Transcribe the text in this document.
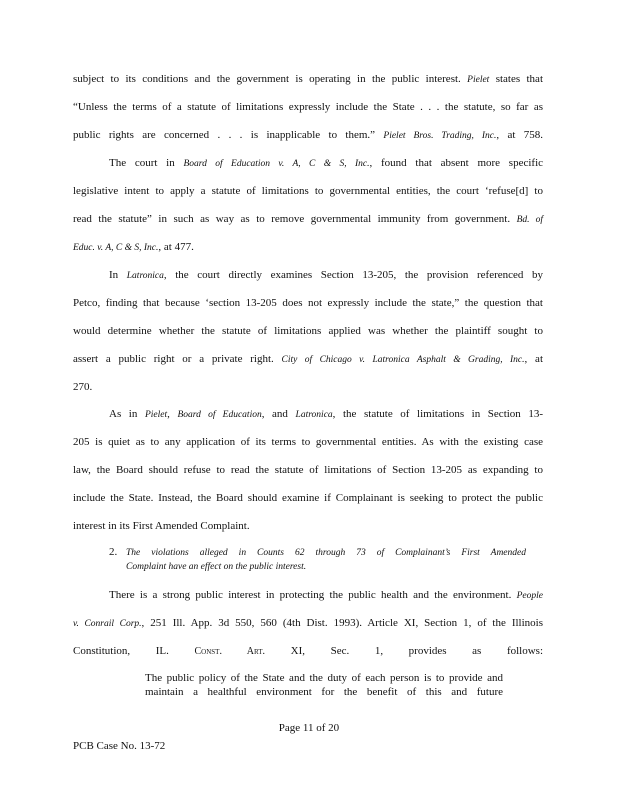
subject to its conditions and the government is operating in the public interest. Pielet states that
“Unless the terms of a statute of limitations expressly include the State . . . the statute, so far as
public rights are concerned . . . is inapplicable to them.” Pielet Bros. Trading, Inc., at 758.
The court in Board of Education v. A, C & S, Inc., found that absent more specific
legislative intent to apply a statute of limitations to governmental entities, the court ‘refuse[d] to
read the statute” in such as way as to remove governmental immunity from government. Bd. of
Educ. v. A, C & S, Inc., at 477.
In Latronica, the court directly examines Section 13-205, the provision referenced by
Petco, finding that because ‘section 13-205 does not expressly include the state,” the question that
would determine whether the statute of limitations applied was whether the plaintiff sought to
assert a public right or a private right. City of Chicago v. Latronica Asphalt & Grading, Inc., at
270.
As in Pielet, Board of Education, and Latronica, the statute of limitations in Section 13-
205 is quiet as to any application of its terms to governmental entities. As with the existing case
law, the Board should refuse to read the statute of limitations of Section 13-205 as expanding to
include the State. Instead, the Board should examine if Complainant is seeking to protect the public
interest in its First Amended Complaint.
2. The violations alleged in Counts 62 through 73 of Complainant’s First Amended
Complaint have an effect on the public interest.
There is a strong public interest in protecting the public health and the environment. People
v. Conrail Corp., 251 Ill. App. 3d 550, 560 (4th Dist. 1993). Article XI, Section 1, of the Illinois
Constitution, IL.	Const. Art. XI, Sec. 1, provides as follows:
The public policy of the State and the duty of each person is to provide and
maintain a healthful environment for the benefit of this and future
Page 11 of 20
PCB Case No. 13-72
